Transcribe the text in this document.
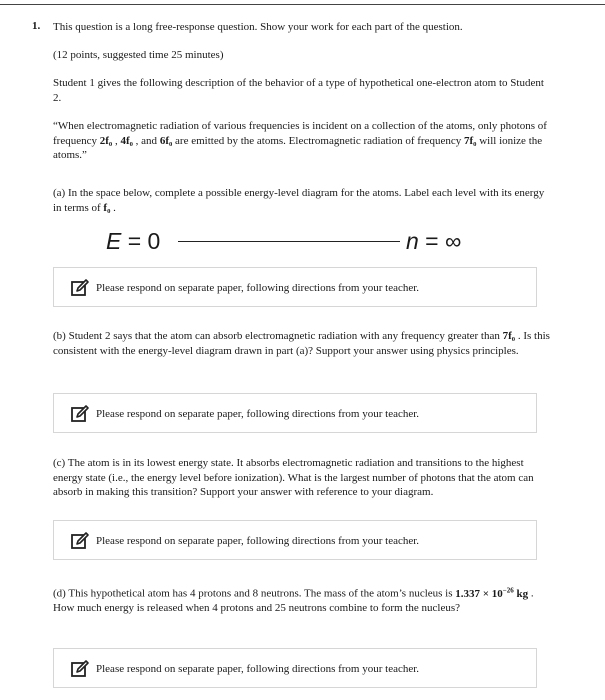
1. This question is a long free-response question. Show your work for each part of the question.

(12 points, suggested time 25 minutes)

Student 1 gives the following description of the behavior of a type of hypothetical one-electron atom to Student 2.

“When electromagnetic radiation of various frequencies is incident on a collection of the atoms, only photons of frequency 2f₀ , 4f₀ , and 6f₀ are emitted by the atoms. Electromagnetic radiation of frequency 7f₀ will ionize the atoms.”

(a) In the space below, complete a possible energy-level diagram for the atoms. Label each level with its energy in terms of f₀ .

E = 0	n = ∞
Please respond on separate paper, following directions from your teacher.

(b) Student 2 says that the atom can absorb electromagnetic radiation with any frequency greater than 7f₀ . Is this consistent with the energy-level diagram drawn in part (a)? Support your answer using physics principles.

Please respond on separate paper, following directions from your teacher.

(c) The atom is in its lowest energy state. It absorbs electromagnetic radiation and transitions to the highest energy state (i.e., the energy level before ionization). What is the largest number of photons that the atom can absorb in making this transition? Support your answer with reference to your diagram.

Please respond on separate paper, following directions from your teacher.

(d) This hypothetical atom has 4 protons and 8 neutrons. The mass of the atom’s nucleus is $1.337 \times 10^{-26}$ kg . How much energy is released when 4 protons and 25 neutrons combine to form the nucleus?

Please respond on separate paper, following directions from your teacher.
